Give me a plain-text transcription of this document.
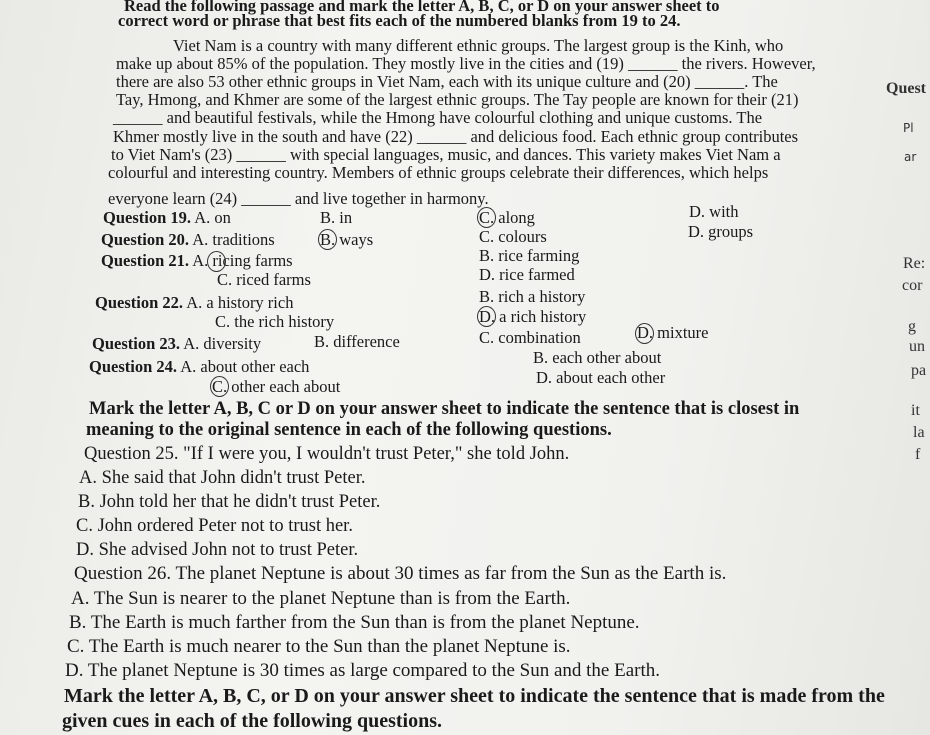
Read the following passage and mark the letter A, B, C, or D on your answer sheet to
correct word or phrase that best fits each of the numbered blanks from 19 to 24.
Viet Nam is a country with many different ethnic groups. The largest group is the Kinh, who
make up about 85% of the population. They mostly live in the cities and (19) ______ the rivers. However,
there are also 53 other ethnic groups in Viet Nam, each with its unique culture and (20) ______. The
Tay, Hmong, and Khmer are some of the largest ethnic groups. The Tay people are known for their (21)
______ and beautiful festivals, while the Hmong have colourful clothing and unique customs. The
Khmer mostly live in the south and have (22) ______ and delicious food. Each ethnic group contributes
to Viet Nam's (23) ______ with special languages, music, and dances. This variety makes Viet Nam a
colourful and interesting country. Members of ethnic groups celebrate their differences, which helps
everyone learn (24) ______ and live together in harmony.
Question 19. A. on	B. in	C. along	D. with
Question 20. A. traditions	B. ways	C. colours	D. groups
Question 21. A. ricing farms	B. rice farming
C. riced farms	D. rice farmed
Question 22. A. a history rich	B. rich a history
C. the rich history	D. a rich history
Question 23. A. diversity	B. difference	C. combination	D. mixture
Question 24. A. about other each	B. each other about
C. other each about	D. about each other
Mark the letter A, B, C or D on your answer sheet to indicate the sentence that is closest in
meaning to the original sentence in each of the following questions.
Question 25. "If I were you, I wouldn't trust Peter," she told John.
A. She said that John didn't trust Peter.
B. John told her that he didn't trust Peter.
C. John ordered Peter not to trust her.
D. She advised John not to trust Peter.
Question 26. The planet Neptune is about 30 times as far from the Sun as the Earth is.
A. The Sun is nearer to the planet Neptune than is from the Earth.
B. The Earth is much farther from the Sun than is from the planet Neptune.
C. The Earth is much nearer to the Sun than the planet Neptune is.
D. The planet Neptune is 30 times as large compared to the Sun and the Earth.
Mark the letter A, B, C, or D on your answer sheet to indicate the sentence that is made from the
given cues in each of the following questions.
Quest
Pl
ar
Re:
cor
g
un
pa
it
la
f
